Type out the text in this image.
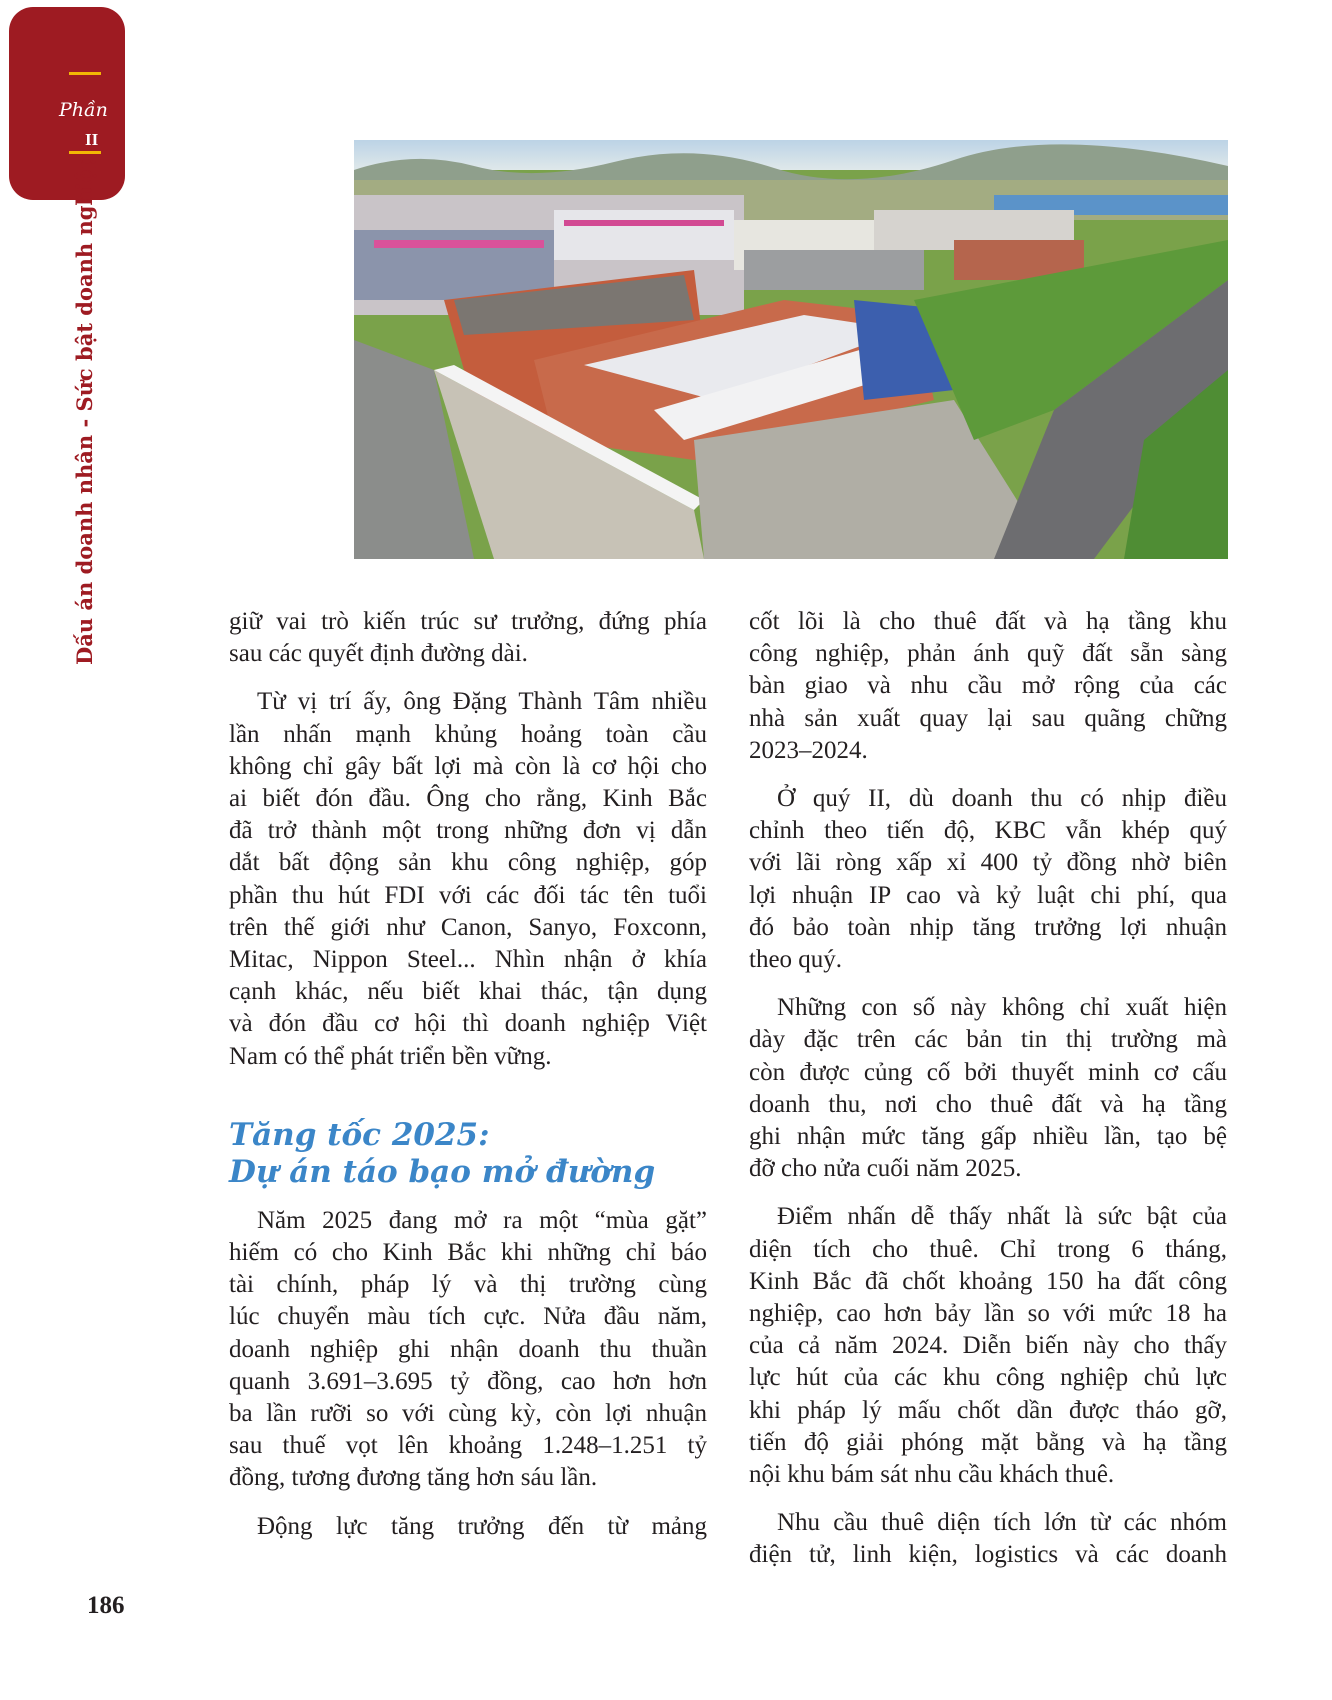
Phần
II
Dấu án doanh nhân - Sức bật doanh nghiệp	giữ vai trò kiến trúc sư trưởng, đứng phía
sau các quyết định đường dài.
Từ vị trí ấy, ông Đặng Thành Tâm nhiều
lần nhấn mạnh khủng hoảng toàn cầu
không chỉ gây bất lợi mà còn là cơ hội cho
ai biết đón đầu. Ông cho rằng, Kinh Bắc
đã trở thành một trong những đơn vị dẫn
dắt bất động sản khu công nghiệp, góp
phần thu hút FDI với các đối tác tên tuổi
trên thế giới như Canon, Sanyo, Foxconn,
Mitac, Nippon Steel... Nhìn nhận ở khía
cạnh khác, nếu biết khai thác, tận dụng
và đón đầu cơ hội thì doanh nghiệp Việt
Nam có thể phát triển bền vững.
Tăng tốc 2025:
Dự án táo bạo mở đường
Năm 2025 đang mở ra một “mùa gặt”
hiếm có cho Kinh Bắc khi những chỉ báo
tài chính, pháp lý và thị trường cùng
lúc chuyển màu tích cực. Nửa đầu năm,
doanh nghiệp ghi nhận doanh thu thuần
quanh 3.691–3.695 tỷ đồng, cao hơn hơn
ba lần rưỡi so với cùng kỳ, còn lợi nhuận
sau thuế vọt lên khoảng 1.248–1.251 tỷ
đồng, tương đương tăng hơn sáu lần.
Động lực tăng trưởng đến từ mảng
cốt lõi là cho thuê đất và hạ tầng khu
công nghiệp, phản ánh quỹ đất sẵn sàng
bàn giao và nhu cầu mở rộng của các
nhà sản xuất quay lại sau quãng chững
2023–2024.
Ở quý II, dù doanh thu có nhịp điều
chỉnh theo tiến độ, KBC vẫn khép quý
với lãi ròng xấp xỉ 400 tỷ đồng nhờ biên
lợi nhuận IP cao và kỷ luật chi phí, qua
đó bảo toàn nhịp tăng trưởng lợi nhuận
theo quý.
Những con số này không chỉ xuất hiện
dày đặc trên các bản tin thị trường mà
còn được củng cố bởi thuyết minh cơ cấu
doanh thu, nơi cho thuê đất và hạ tầng
ghi nhận mức tăng gấp nhiều lần, tạo bệ
đỡ cho nửa cuối năm 2025.
Điểm nhấn dễ thấy nhất là sức bật của
diện tích cho thuê. Chỉ trong 6 tháng,
Kinh Bắc đã chốt khoảng 150 ha đất công
nghiệp, cao hơn bảy lần so với mức 18 ha
của cả năm 2024. Diễn biến này cho thấy
lực hút của các khu công nghiệp chủ lực
khi pháp lý mấu chốt dần được tháo gỡ,
tiến độ giải phóng mặt bằng và hạ tầng
nội khu bám sát nhu cầu khách thuê.
Nhu cầu thuê diện tích lớn từ các nhóm
điện tử, linh kiện, logistics và các doanh
186
